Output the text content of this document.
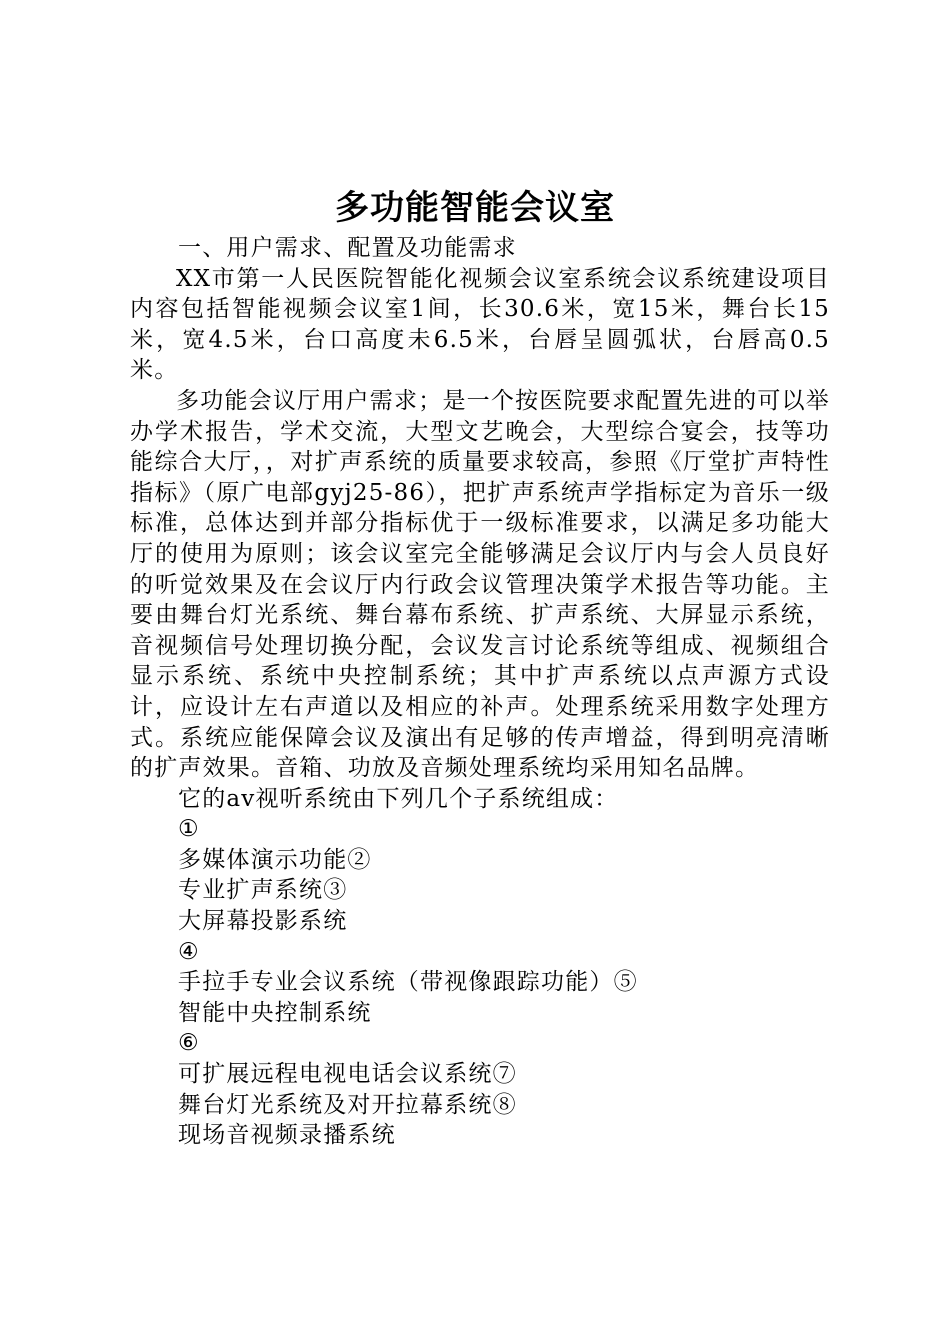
多功能智能会议室
一、用户需求、配置及功能需求

XX市第一人民医院智能化视频会议室系统会议系统建设项目内容包括智能视频会议室1间，长30.6米，宽15米，舞台长15米，宽4.5米，台口高度未6.5米，台唇呈圆弧状，台唇高0.5米。

多功能会议厅用户需求；是一个按医院要求配置先进的可以举办学术报告，学术交流，大型文艺晚会，大型综合宴会，技等功能综合大厅，，对扩声系统的质量要求较高，参照《厅堂扩声特性指标》（原广电部gyj25-86），把扩声系统声学指标定为音乐一级标准，总体达到并部分指标优于一级标准要求，以满足多功能大厅的使用为原则；该会议室完全能够满足会议厅内与会人员良好的听觉效果及在会议厅内行政会议管理决策学术报告等功能。主要由舞台灯光系统、舞台幕布系统、扩声系统、大屏显示系统，音视频信号处理切换分配，会议发言讨论系统等组成、视频组合显示系统、系统中央控制系统；其中扩声系统以点声源方式设计，应设计左右声道以及相应的补声。处理系统采用数字处理方式。系统应能保障会议及演出有足够的传声增益，得到明亮清晰的扩声效果。音箱、功放及音频处理系统均采用知名品牌。

它的av视听系统由下列几个子系统组成：
①
多媒体演示功能②
专业扩声系统③
大屏幕投影系统
④
手拉手专业会议系统（带视像跟踪功能）⑤
智能中央控制系统
⑥
可扩展远程电视电话会议系统⑦
舞台灯光系统及对开拉幕系统⑧
现场音视频录播系统
